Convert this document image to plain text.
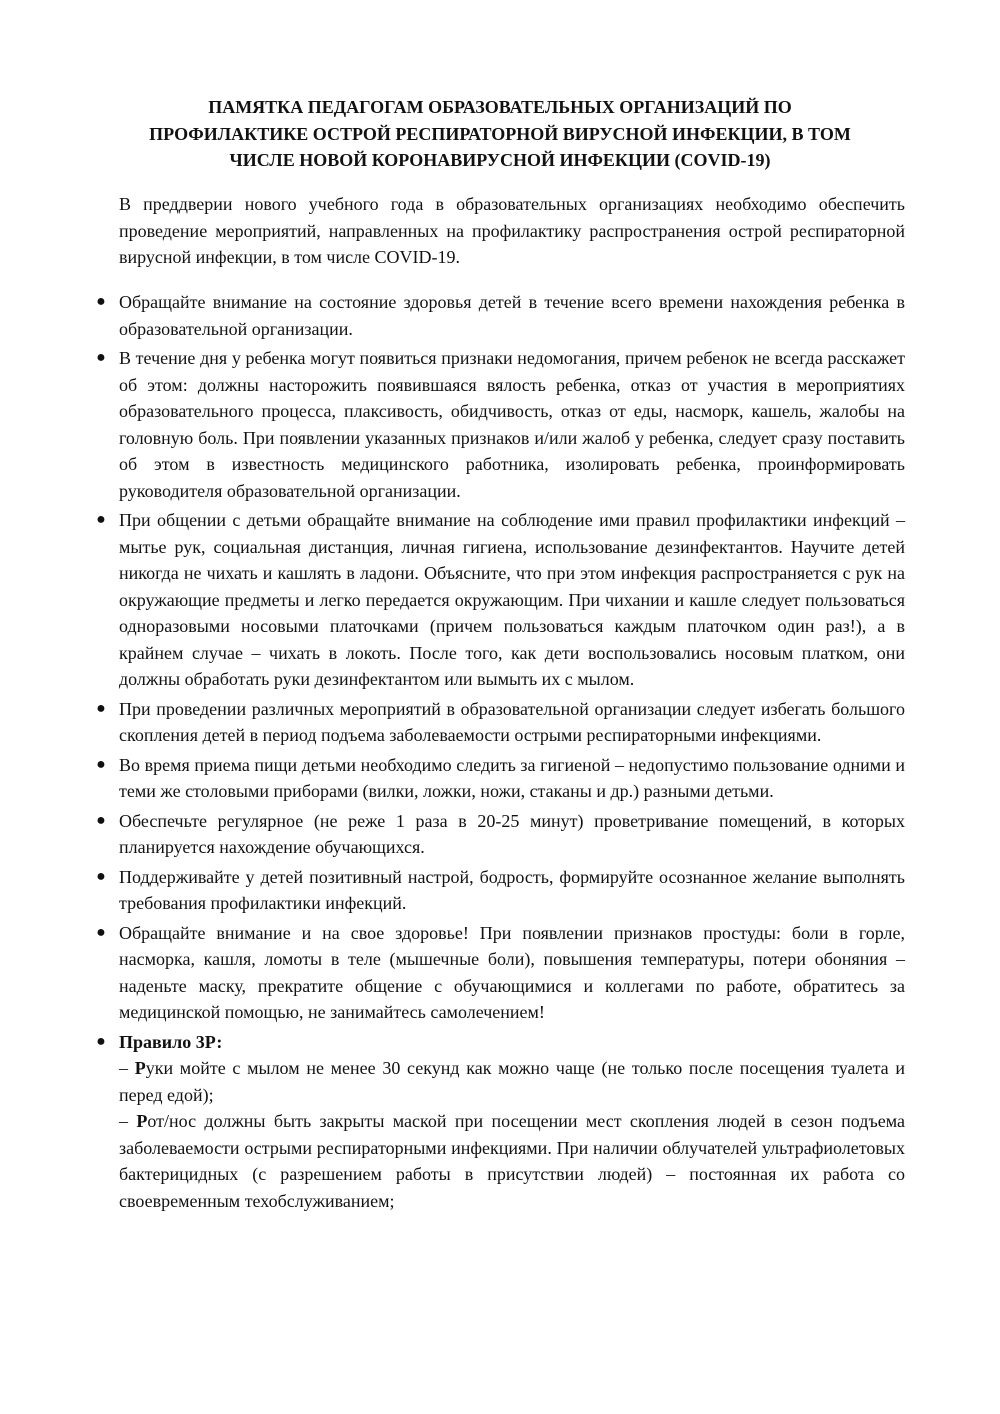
ПАМЯТКА ПЕДАГОГАМ ОБРАЗОВАТЕЛЬНЫХ ОРГАНИЗАЦИЙ ПО
ПРОФИЛАКТИКЕ ОСТРОЙ РЕСПИРАТОРНОЙ ВИРУСНОЙ ИНФЕКЦИИ, В ТОМ
ЧИСЛЕ НОВОЙ КОРОНАВИРУСНОЙ ИНФЕКЦИИ (COVID-19)

В преддверии нового учебного года в образовательных организациях необходимо обеспечить проведение мероприятий, направленных на профилактику распространения острой респираторной вирусной инфекции, в том числе COVID-19.

● Обращайте внимание на состояние здоровья детей в течение всего времени нахождения ребенка в образовательной организации.
● В течение дня у ребенка могут появиться признаки недомогания, причем ребенок не всегда расскажет об этом: должны насторожить появившаяся вялость ребенка, отказ от участия в мероприятиях образовательного процесса, плаксивость, обидчивость, отказ от еды, насморк, кашель, жалобы на головную боль. При появлении указанных признаков и/или жалоб у ребенка, следует сразу поставить об этом в известность медицинского работника, изолировать ребенка, проинформировать руководителя образовательной организации.
● При общении с детьми обращайте внимание на соблюдение ими правил профилактики инфекций – мытье рук, социальная дистанция, личная гигиена, использование дезинфектантов. Научите детей никогда не чихать и кашлять в ладони. Объясните, что при этом инфекция распространяется с рук на окружающие предметы и легко передается окружающим. При чихании и кашле следует пользоваться одноразовыми носовыми платочками (причем пользоваться каждым платочком один раз!), а в крайнем случае – чихать в локоть. После того, как дети воспользовались носовым платком, они должны обработать руки дезинфектантом или вымыть их с мылом.
● При проведении различных мероприятий в образовательной организации следует избегать большого скопления детей в период подъема заболеваемости острыми респираторными инфекциями.
● Во время приема пищи детьми необходимо следить за гигиеной – недопустимо пользование одними и теми же столовыми приборами (вилки, ложки, ножи, стаканы и др.) разными детьми.
● Обеспечьте регулярное (не реже 1 раза в 20-25 минут) проветривание помещений, в которых планируется нахождение обучающихся.
● Поддерживайте у детей позитивный настрой, бодрость, формируйте осознанное желание выполнять требования профилактики инфекций.
● Обращайте внимание и на свое здоровье! При появлении признаков простуды: боли в горле, насморка, кашля, ломоты в теле (мышечные боли), повышения температуры, потери обоняния – наденьте маску, прекратите общение с обучающимися и коллегами по работе, обратитесь за медицинской помощью, не занимайтесь самолечением!
● Правило 3Р:
– Руки мойте с мылом не менее 30 секунд как можно чаще (не только после посещения туалета и перед едой);
– Рот/нос должны быть закрыты маской при посещении мест скопления людей в сезон подъема заболеваемости острыми респираторными инфекциями. При наличии облучателей ультрафиолетовых бактерицидных (с разрешением работы в присутствии людей) – постоянная их работа со своевременным техобслуживанием;
